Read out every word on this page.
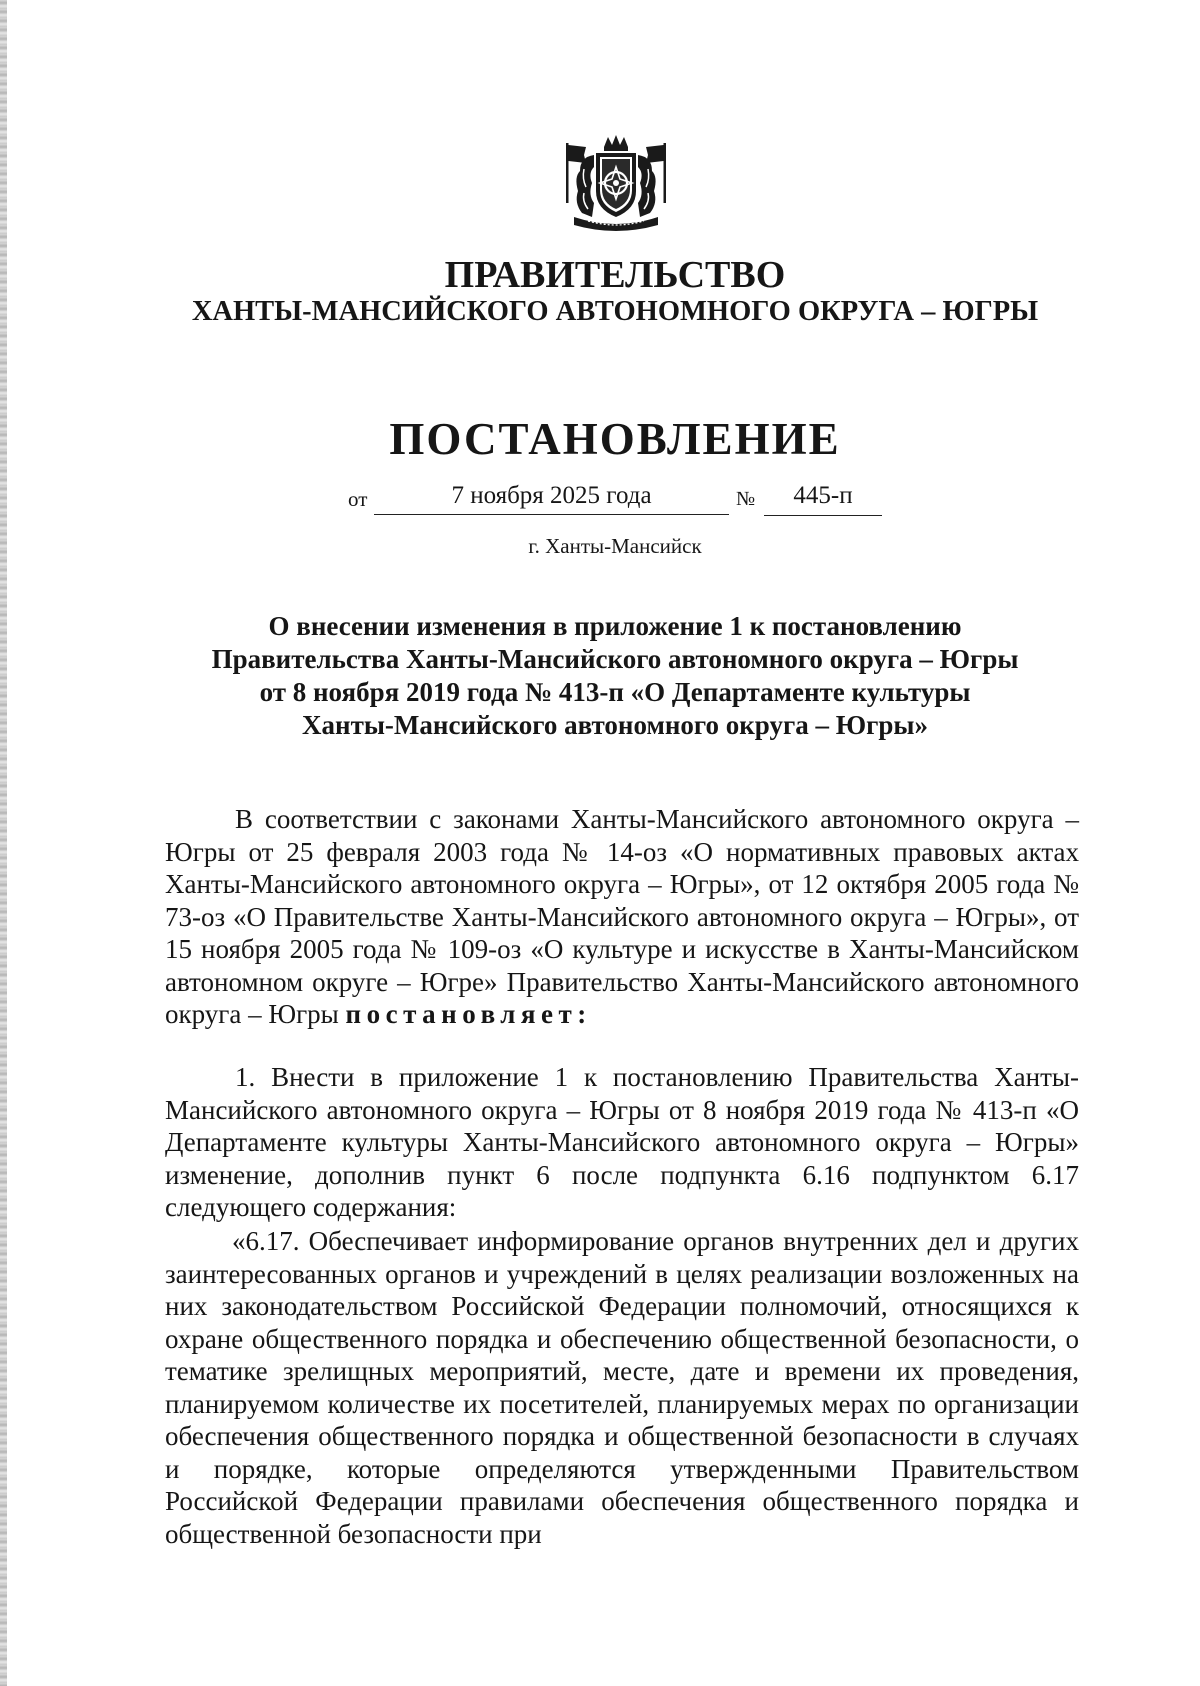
ПРАВИТЕЛЬСТВО
ХАНТЫ-МАНСИЙСКОГО АВТОНОМНОГО ОКРУГА – ЮГРЫ
ПОСТАНОВЛЕНИЕ
от	7 ноября 2025 года	№	445-п
г. Ханты-Мансийск
О внесении изменения в приложение 1 к постановлению
Правительства Ханты-Мансийского автономного округа – Югры
от 8 ноября 2019 года № 413-п «О Департаменте культуры
Ханты-Мансийского автономного округа – Югры»

В соответствии с законами Ханты-Мансийского автономного округа – Югры от 25 февраля 2003 года № 14-оз «О нормативных правовых актах Ханты-Мансийского автономного округа – Югры», от 12 октября 2005 года № 73-оз «О Правительстве Ханты-Мансийского автономного округа – Югры», от 15 ноября 2005 года № 109-оз «О культуре и искусстве в Ханты-Мансийском автономном округе – Югре» Правительство Ханты-Мансийского автономного округа – Югры постановляет:

1. Внести в приложение 1 к постановлению Правительства Ханты-Мансийского автономного округа – Югры от 8 ноября 2019 года № 413-п «О Департаменте культуры Ханты-Мансийского автономного округа – Югры» изменение, дополнив пункт 6 после подпункта 6.16 подпунктом 6.17 следующего содержания:

«6.17. Обеспечивает информирование органов внутренних дел и других заинтересованных органов и учреждений в целях реализации возложенных на них законодательством Российской Федерации полномочий, относящихся к охране общественного порядка и обеспечению общественной безопасности, о тематике зрелищных мероприятий, месте, дате и времени их проведения, планируемом количестве их посетителей, планируемых мерах по организации обеспечения общественного порядка и общественной безопасности в случаях и порядке, которые определяются утвержденными Правительством Российской Федерации правилами обеспечения общественного порядка и общественной безопасности при
